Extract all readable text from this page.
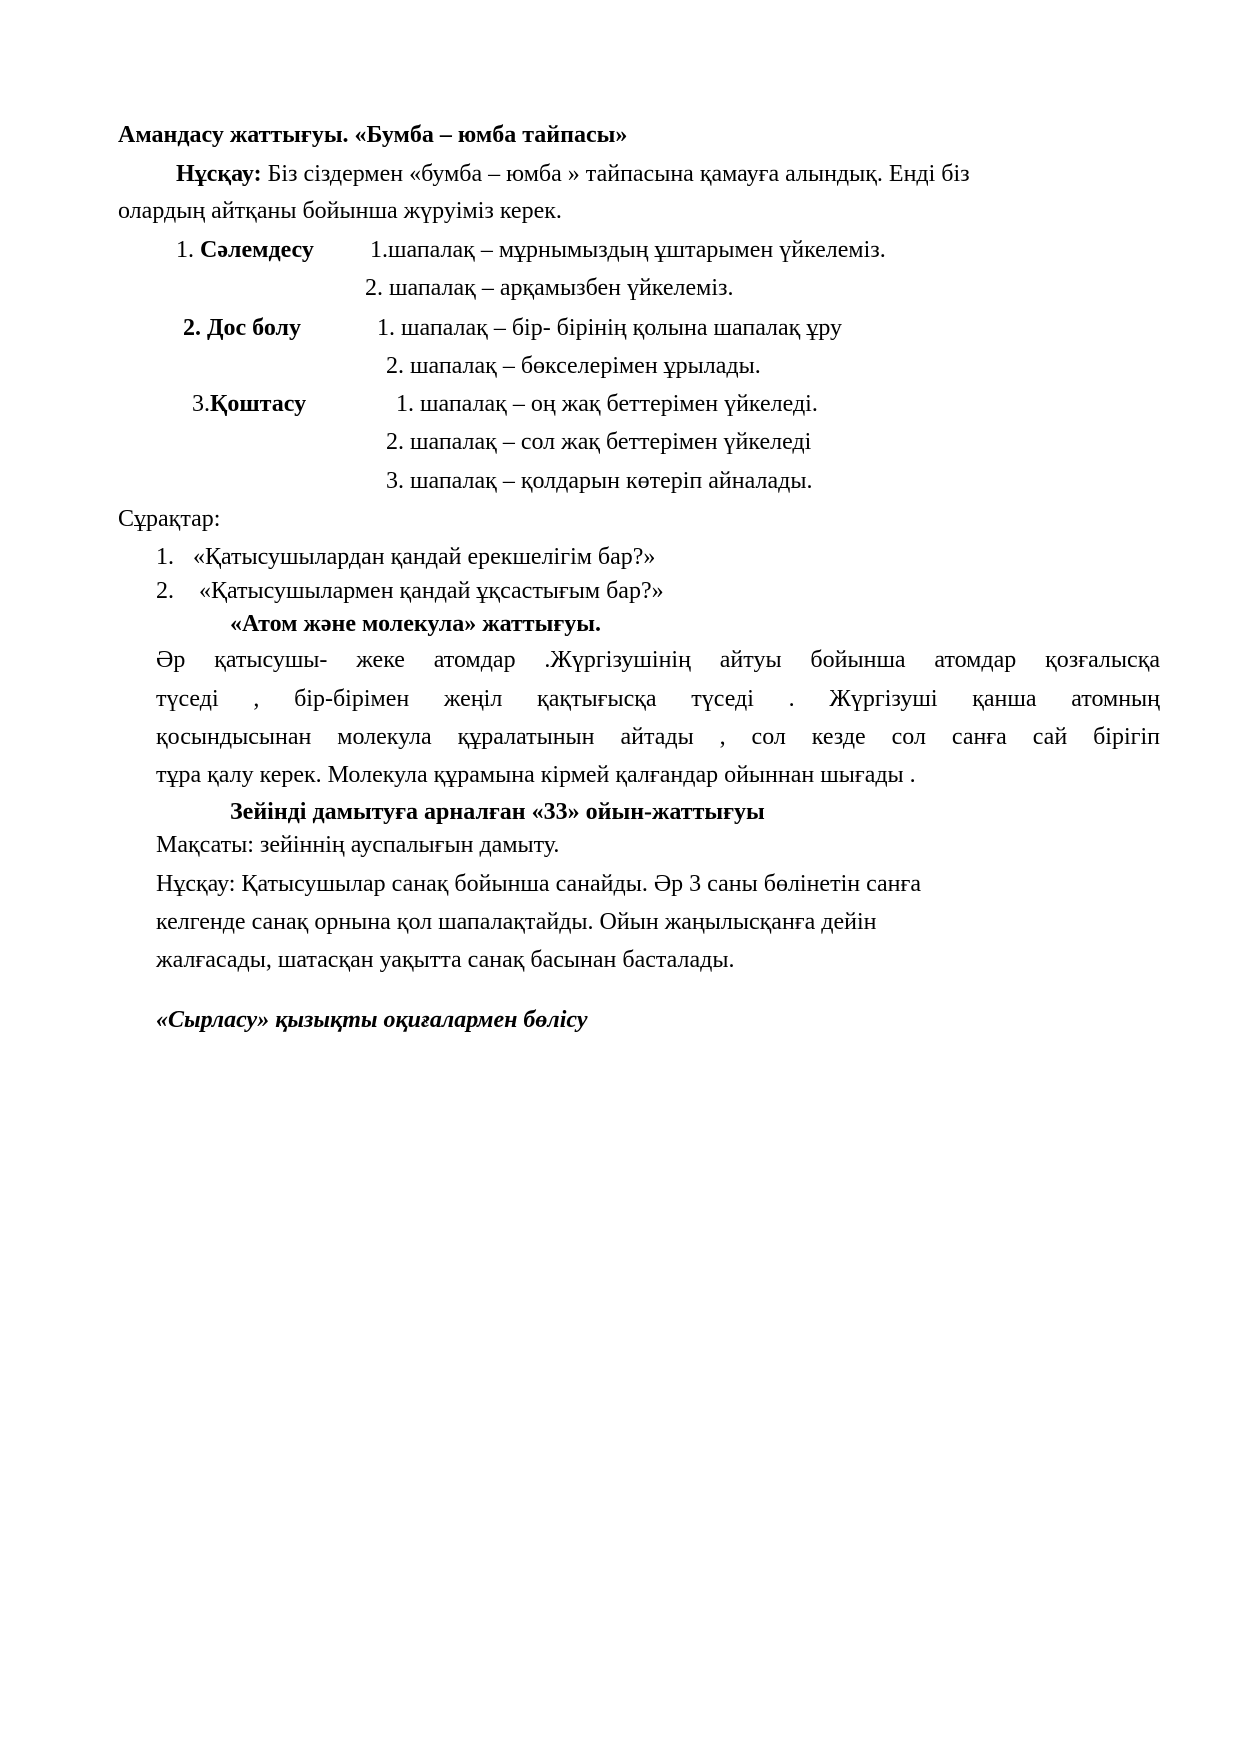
Амандасу жаттығуы. «Бумба – юмба тайпасы»
Нұсқау: Біз сіздермен «бумба – юмба » тайпасына қамауға алындық. Енді біз
олардың айтқаны бойынша жүруіміз керек.
1. Сәлемдесу 1.шапалақ – мұрнымыздың ұштарымен үйкелеміз.
2. шапалақ – арқамызбен үйкелеміз.
2. Дос болу	1. шапалақ – бір- бірінің қолына шапалақ ұру
2. шапалақ – бөкселерімен ұрылады.
3.Қоштасу	1. шапалақ – оң жақ беттерімен үйкеледі.
2. шапалақ – сол жақ беттерімен үйкеледі
3. шапалақ – қолдарын көтеріп айналады.
Сұрақтар:
1. «Қатысушылардан қандай ерекшелігім бар?»
2. «Қатысушылармен қандай ұқсастығым бар?»
«Атом және молекула» жаттығуы.
Әр қатысушы- жеке атомдар .Жүргізушінің айтуы бойынша атомдар қозғалысқа
түседі , бір-бірімен жеңіл қақтығысқа түседі . Жүргізуші қанша атомның
қосындысынан молекула құралатынын айтады , сол кезде сол санға сай бірігіп
тұра қалу керек. Молекула құрамына кірмей қалғандар ойыннан шығады .
Зейінді дамытуға арналған «33» ойын-жаттығуы
Мақсаты: зейіннің ауспалығын дамыту.
Нұсқау: Қатысушылар санақ бойынша санайды. Әр 3 саны бөлінетін санға
келгенде санақ орнына қол шапалақтайды. Ойын жаңылысқанға дейін
жалғасады, шатасқан уақытта санақ басынан басталады.
«Сырласу» қызықты оқиғалармен бөлісу
